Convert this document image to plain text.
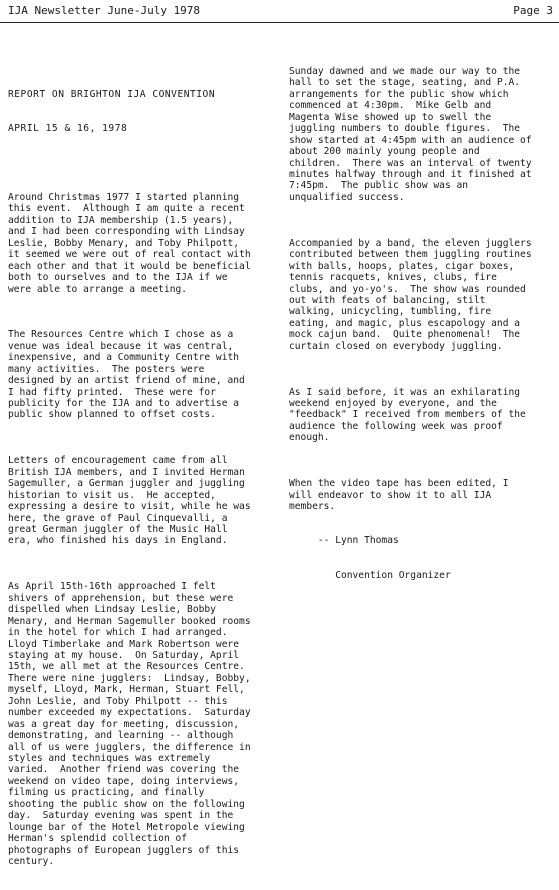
IJA Newsletter June-July 1978	Page 3

REPORT ON BRIGHTON IJA CONVENTION

APRIL 15 & 16, 1978

Around Christmas 1977 I started planning
this event.  Although I am quite a recent
addition to IJA membership (1.5 years),
and I had been corresponding with Lindsay
Leslie, Bobby Menary, and Toby Philpott,
it seemed we were out of real contact with
each other and that it would be beneficial
both to ourselves and to the IJA if we
were able to arrange a meeting.

The Resources Centre which I chose as a
venue was ideal because it was central,
inexpensive, and a Community Centre with
many activities.  The posters were
designed by an artist friend of mine, and
I had fifty printed.  These were for
publicity for the IJA and to advertise a
public show planned to offset costs.

Letters of encouragement came from all
British IJA members, and I invited Herman
Sagemuller, a German juggler and juggling
historian to visit us.  He accepted,
expressing a desire to visit, while he was
here, the grave of Paul Cinquevalli, a
great German juggler of the Music Hall
era, who finished his days in England.

As April 15th-16th approached I felt
shivers of apprehension, but these were
dispelled when Lindsay Leslie, Bobby
Menary, and Herman Sagemuller booked rooms
in the hotel for which I had arranged.
Lloyd Timberlake and Mark Robertson were
staying at my house.  On Saturday, April
15th, we all met at the Resources Centre.
There were nine jugglers:  Lindsay, Bobby,
myself, Lloyd, Mark, Herman, Stuart Fell,
John Leslie, and Toby Philpott -- this
number exceeded my expectations.  Saturday
was a great day for meeting, discussion,
demonstrating, and learning -- although
all of us were jugglers, the difference in
styles and techniques was extremely
varied.  Another friend was covering the
weekend on video tape, doing interviews,
filming us practicing, and finally
shooting the public show on the following
day.  Saturday evening was spent in the
lounge bar of the Hotel Metropole viewing
Herman's splendid collection of
photographs of European jugglers of this
century.

Sunday dawned and we made our way to the
hall to set the stage, seating, and P.A.
arrangements for the public show which
commenced at 4:30pm.  Mike Gelb and
Magenta Wise showed up to swell the
juggling numbers to double figures.  The
show started at 4:45pm with an audience of
about 200 mainly young people and
children.  There was an interval of twenty
minutes halfway through and it finished at
7:45pm.  The public show was an
unqualified success.

Accompanied by a band, the eleven jugglers
contributed between them juggling routines
with balls, hoops, plates, cigar boxes,
tennis racquets, knives, clubs, fire
clubs, and yo-yo's.  The show was rounded
out with feats of balancing, stilt
walking, unicycling, tumbling, fire
eating, and magic, plus escapology and a
mock cajun band.  Quite phenomenal!  The
curtain closed on everybody juggling.

As I said before, it was an exhilarating
weekend enjoyed by everyone, and the
"feedback" I received from members of the
audience the following week was proof
enough.

When the video tape has been edited, I
will endeavor to show it to all IJA
members.

-- Lynn Thomas

Convention Organizer
